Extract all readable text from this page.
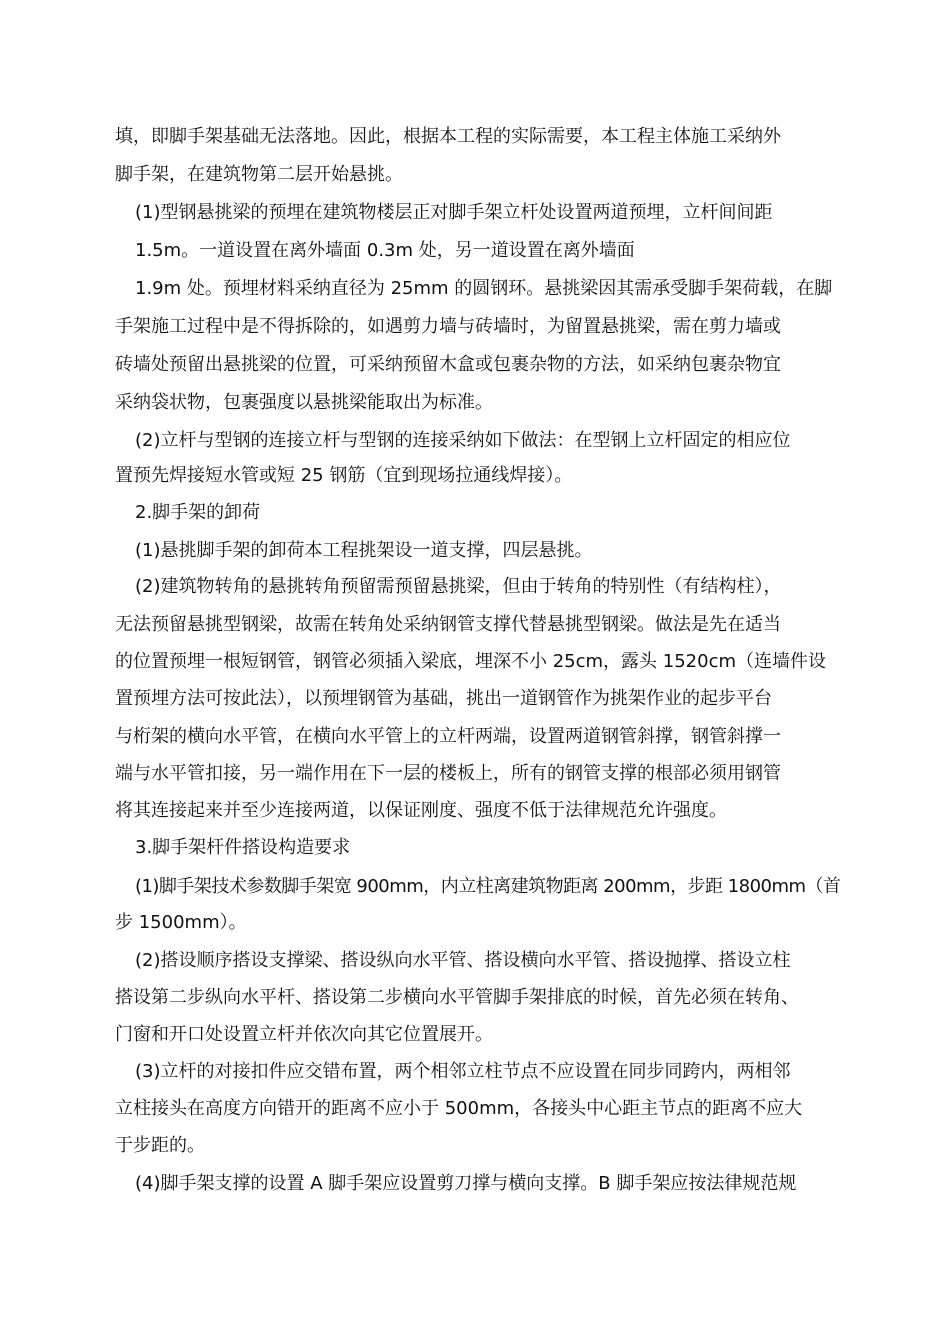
填，即脚手架基础无法落地。因此，根据本工程的实际需要，本工程主体施工采纳外
脚手架，在建筑物第二层开始悬挑。
(1)型钢悬挑梁的预埋在建筑物楼层正对脚手架立杆处设置两道预埋，立杆间间距
1.5m。一道设置在离外墙面 0.3m 处，另一道设置在离外墙面
1.9m 处。预埋材料采纳直径为 25mm 的圆钢环。悬挑梁因其需承受脚手架荷载，在脚
手架施工过程中是不得拆除的，如遇剪力墙与砖墙时，为留置悬挑梁，需在剪力墙或
砖墙处预留出悬挑梁的位置，可采纳预留木盒或包裹杂物的方法，如采纳包裹杂物宜
采纳袋状物，包裹强度以悬挑梁能取出为标准。
(2)立杆与型钢的连接立杆与型钢的连接采纳如下做法：在型钢上立杆固定的相应位
置预先焊接短水管或短 25 钢筋（宜到现场拉通线焊接）。
2.脚手架的卸荷
(1)悬挑脚手架的卸荷本工程挑架设一道支撑，四层悬挑。
(2)建筑物转角的悬挑转角预留需预留悬挑梁，但由于转角的特别性（有结构柱），
无法预留悬挑型钢梁，故需在转角处采纳钢管支撑代替悬挑型钢梁。做法是先在适当
的位置预埋一根短钢管，钢管必须插入梁底，埋深不小 25cm，露头 1520cm（连墙件设
置预埋方法可按此法），以预埋钢管为基础，挑出一道钢管作为挑架作业的起步平台
与桁架的横向水平管，在横向水平管上的立杆两端，设置两道钢管斜撑，钢管斜撑一
端与水平管扣接，另一端作用在下一层的楼板上，所有的钢管支撑的根部必须用钢管
将其连接起来并至少连接两道，以保证刚度、强度不低于法律规范允许强度。
3.脚手架杆件搭设构造要求
(1)脚手架技术参数脚手架宽 900mm，内立柱离建筑物距离 200mm，步距 1800mm（首
步 1500mm）。
(2)搭设顺序搭设支撑梁、搭设纵向水平管、搭设横向水平管、搭设抛撑、搭设立柱
搭设第二步纵向水平杆、搭设第二步横向水平管脚手架排底的时候，首先必须在转角、
门窗和开口处设置立杆并依次向其它位置展开。
(3)立杆的对接扣件应交错布置，两个相邻立柱节点不应设置在同步同跨内，两相邻
立柱接头在高度方向错开的距离不应小于 500mm，各接头中心距主节点的距离不应大
于步距的。
(4)脚手架支撑的设置 A 脚手架应设置剪刀撑与横向支撑。B 脚手架应按法律规范规
